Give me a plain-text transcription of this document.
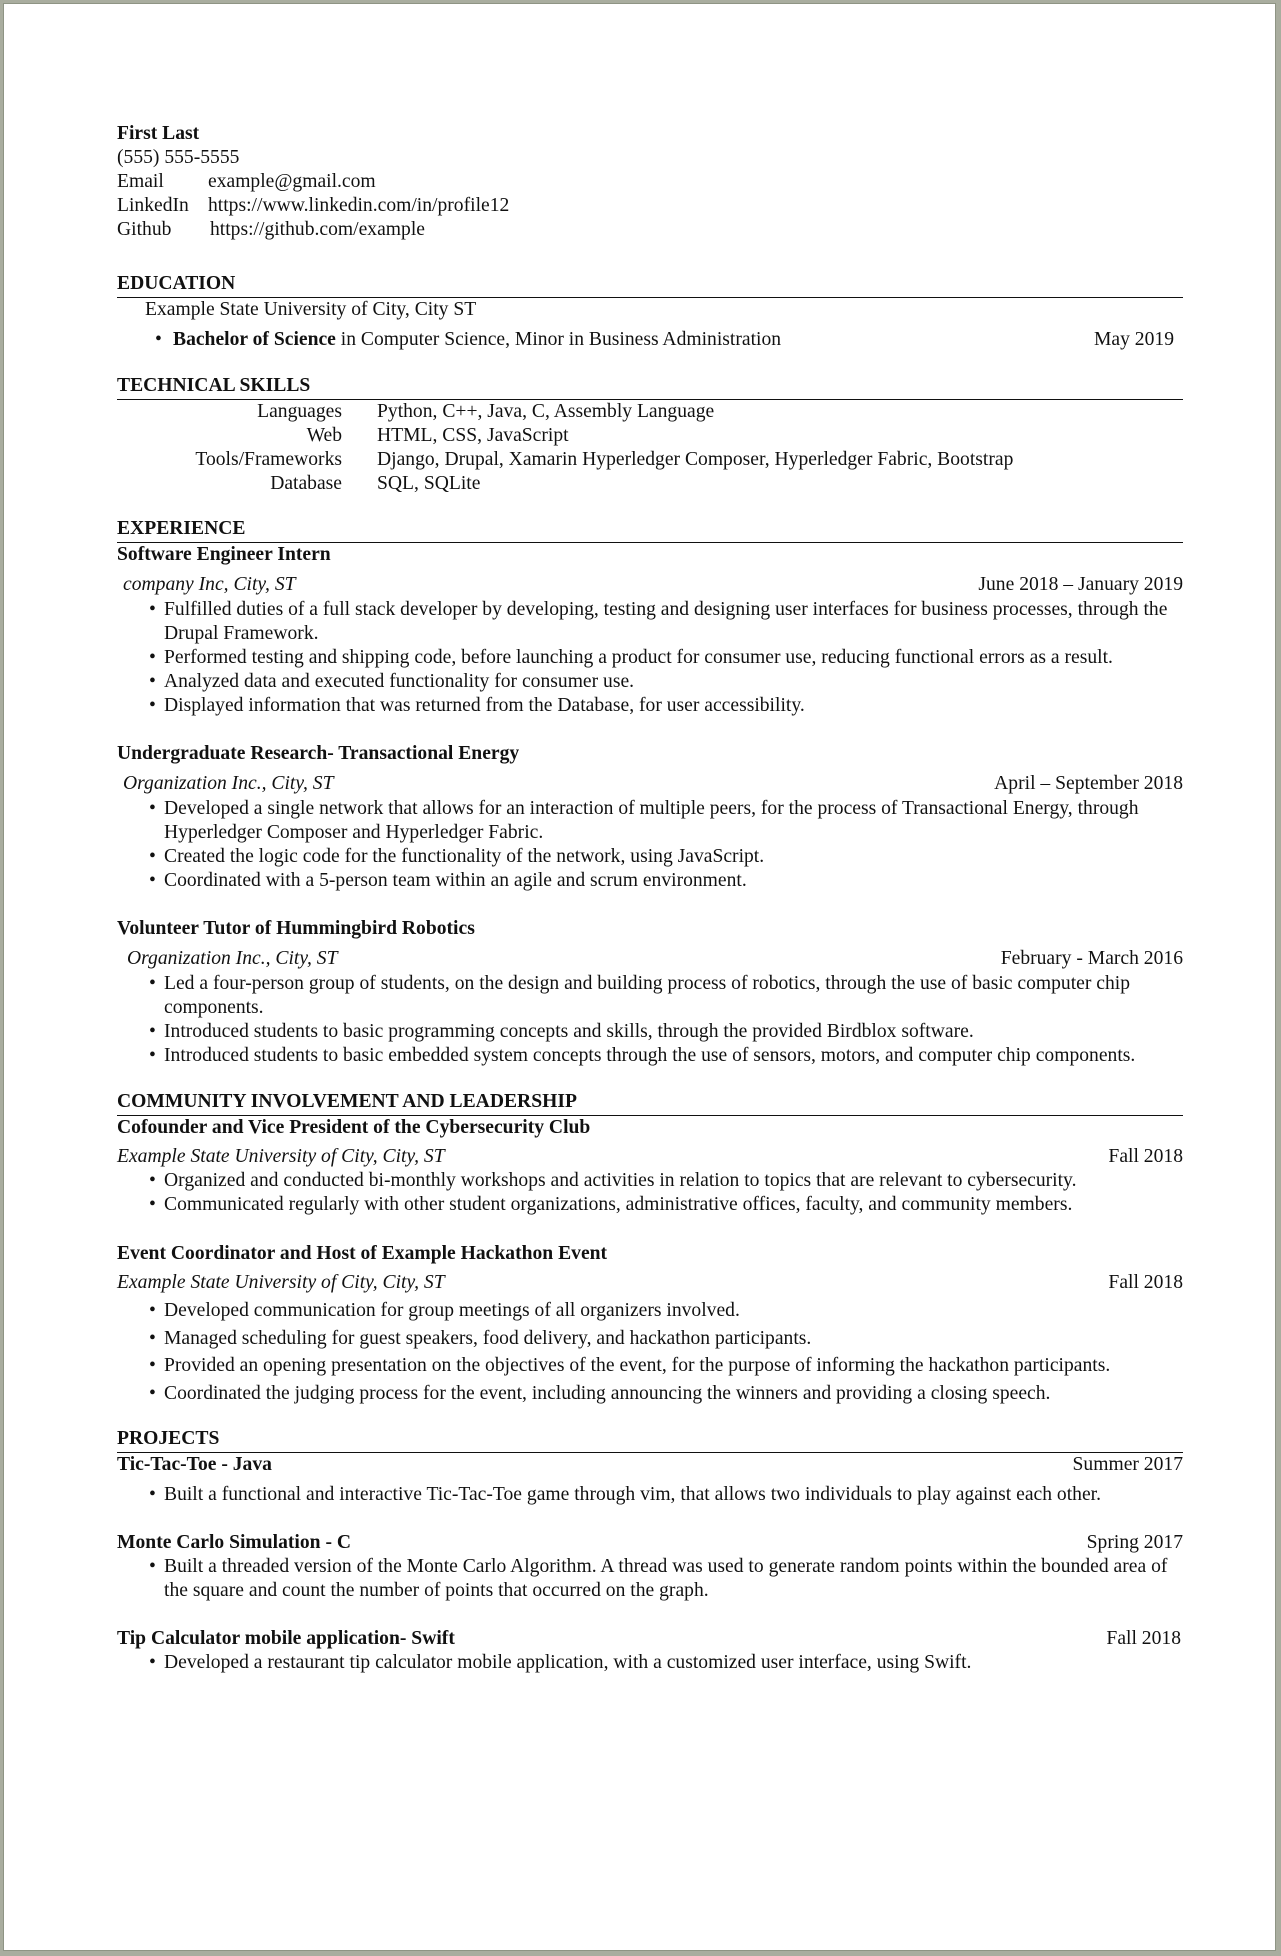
First Last
(555) 555-5555
Email example@gmail.com
LinkedIn https://www.linkedin.com/in/profile12
Github https://github.com/example
EDUCATION
Example State University of City, City ST
• Bachelor of Science in Computer Science, Minor in Business Administration	May 2019
TECHNICAL SKILLS
Languages Python, C++, Java, C, Assembly Language
Web HTML, CSS, JavaScript
Tools/Frameworks Django, Drupal, Xamarin Hyperledger Composer, Hyperledger Fabric, Bootstrap
Database SQL, SQLite
EXPERIENCE
Software Engineer Intern
company Inc, City, ST	June 2018 – January 2019
• Fulfilled duties of a full stack developer by developing, testing and designing user interfaces for business processes, through the Drupal Framework.
• Performed testing and shipping code, before launching a product for consumer use, reducing functional errors as a result.
• Analyzed data and executed functionality for consumer use.
• Displayed information that was returned from the Database, for user accessibility.
Undergraduate Research- Transactional Energy
Organization Inc., City, ST	April – September 2018
• Developed a single network that allows for an interaction of multiple peers, for the process of Transactional Energy, through Hyperledger Composer and Hyperledger Fabric.
• Created the logic code for the functionality of the network, using JavaScript.
• Coordinated with a 5-person team within an agile and scrum environment.
Volunteer Tutor of Hummingbird Robotics
Organization Inc., City, ST	February - March 2016
• Led a four-person group of students, on the design and building process of robotics, through the use of basic computer chip components.
• Introduced students to basic programming concepts and skills, through the provided Birdblox software.
• Introduced students to basic embedded system concepts through the use of sensors, motors, and computer chip components.
COMMUNITY INVOLVEMENT AND LEADERSHIP
Cofounder and Vice President of the Cybersecurity Club
Example State University of City, City, ST	Fall 2018
• Organized and conducted bi-monthly workshops and activities in relation to topics that are relevant to cybersecurity.
• Communicated regularly with other student organizations, administrative offices, faculty, and community members.
Event Coordinator and Host of Example Hackathon Event
Example State University of City, City, ST	Fall 2018
• Developed communication for group meetings of all organizers involved.
• Managed scheduling for guest speakers, food delivery, and hackathon participants.
• Provided an opening presentation on the objectives of the event, for the purpose of informing the hackathon participants.
• Coordinated the judging process for the event, including announcing the winners and providing a closing speech.
PROJECTS
Tic-Tac-Toe - Java	Summer 2017
• Built a functional and interactive Tic-Tac-Toe game through vim, that allows two individuals to play against each other.
Monte Carlo Simulation - C	Spring 2017
• Built a threaded version of the Monte Carlo Algorithm. A thread was used to generate random points within the bounded area of the square and count the number of points that occurred on the graph.
Tip Calculator mobile application- Swift	Fall 2018
• Developed a restaurant tip calculator mobile application, with a customized user interface, using Swift.
